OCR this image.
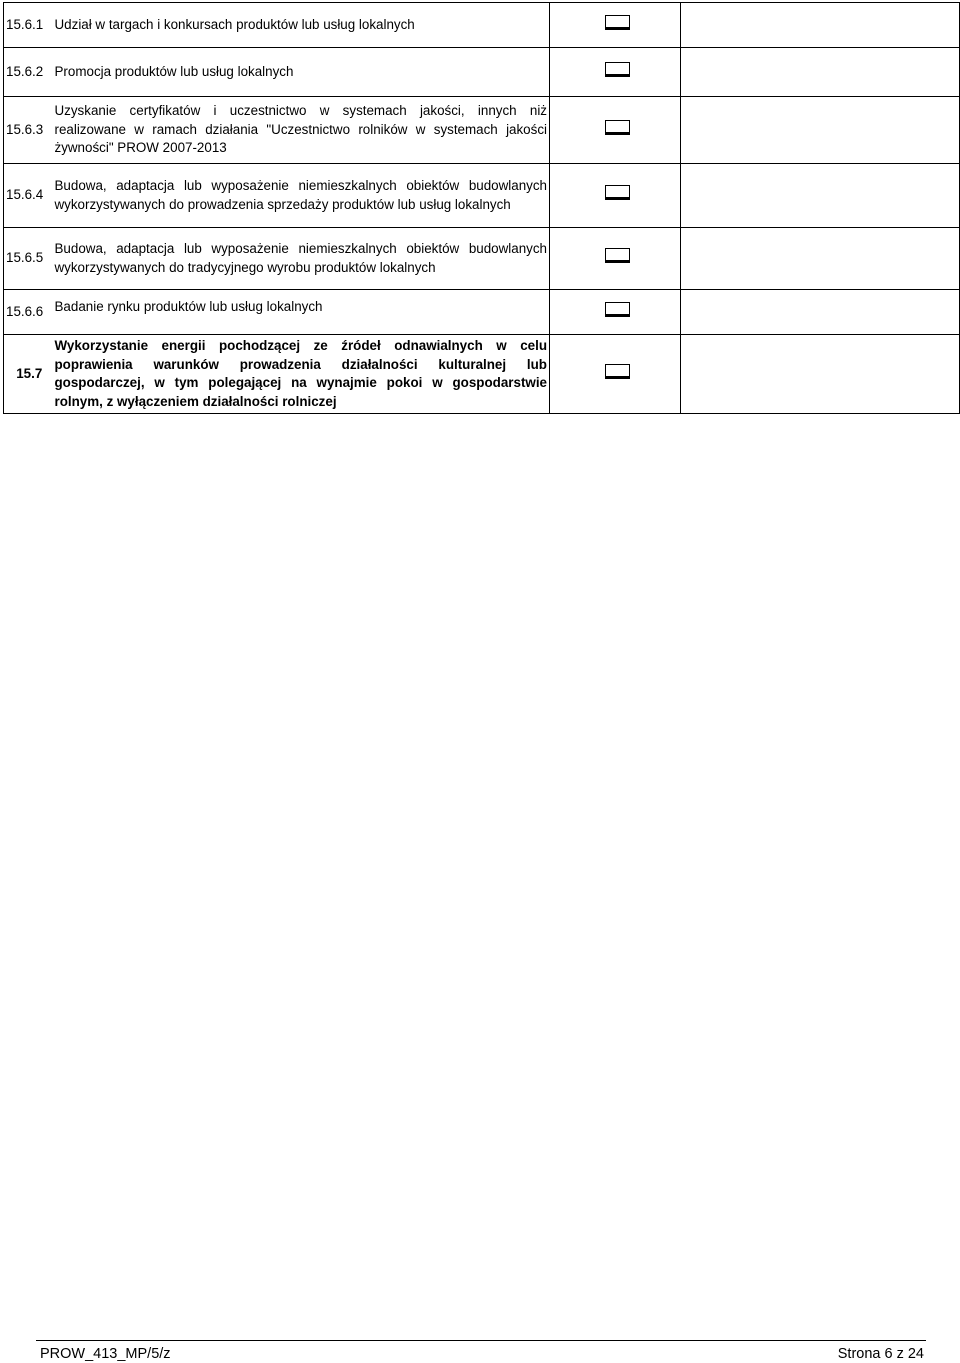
15.6.1	Udział w targach i konkursach produktów lub usług lokalnych		
15.6.2	Promocja produktów lub usług lokalnych		
15.6.3	Uzyskanie certyfikatów i uczestnictwo w systemach jakości, innych niż
realizowane w ramach działania "Uczestnictwo rolników w systemach jakości

żywności" PROW 2007-2013		

15.6.4	Budowa, adaptacja lub wyposażenie niemieszkalnych obiektów budowlanych

wykorzystywanych do prowadzenia sprzedaży produktów lub usług lokalnych		

15.6.5	Budowa, adaptacja lub wyposażenie niemieszkalnych obiektów budowlanych

wykorzystywanych do tradycyjnego wyrobu produktów lokalnych		

15.6.6	Badanie rynku produktów lub usług lokalnych		
15.7	Wykorzystanie energii pochodzącej ze źródeł odnawialnych w celu
poprawienia warunków prowadzenia działalności kulturalnej lub
gospodarczej, w tym polegającej na wynajmie pokoi w gospodarstwie

rolnym, z wyłączeniem działalności rolniczej		

PROW_413_MP/5/z	Strona 6 z 24
